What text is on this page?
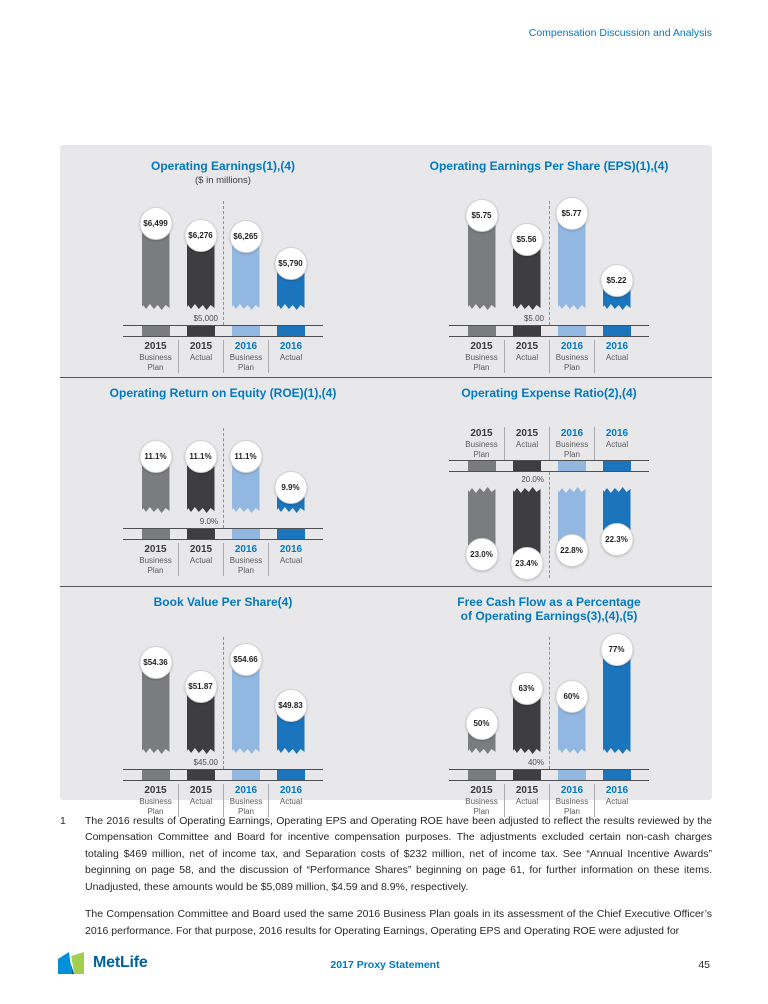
Compensation Discussion and Analysis
Operating Earnings(1),(4)
($ in millions)
$5,000
$6,499
$6,276	$6,265
$5,790
2015
Business Plan
2015
Actual
2016
Business Plan
2016
Actual
Operating Earnings Per Share (EPS)(1),(4)
$5.00
$5.75
$5.56
$5.77
$5.22
2015
Business Plan
2015
Actual
2016
Business Plan
2016
Actual
Operating Return on Equity (ROE)(1),(4)
9.0%
11.1%	11.1%	11.1%
9.9%
2015
Business Plan
2015
Actual
2016
Business Plan
2016
Actual
Operating Expense Ratio(2),(4)
2015
Business Plan
2015
Actual
2016
Business Plan
2016
Actual
20.0%
23.0%
23.4%
22.8%
22.3%
Book Value Per Share(4)
$45.00
$54.36
$51.87
$54.66
$49.83
2015
Business Plan
2015
Actual
2016
Business Plan
2016
Actual
Free Cash Flow as a Percentage
of Operating Earnings(3),(4),(5)
40%
50%
63%
60%
77%
2015
Business Plan
2015
Actual
2016
Business Plan
2016
Actual
1	The 2016 results of Operating Earnings, Operating EPS and Operating ROE have been adjusted to reflect the results reviewed by the Compensation Committee and Board for incentive compensation purposes. The adjustments excluded certain non-cash charges totaling $469 million, net of income tax, and Separation costs of $232 million, net of income tax. See “Annual Incentive Awards” beginning on page 58, and the discussion of “Performance Shares” beginning on page 61, for further information on these items. Unadjusted, these amounts would be $5,089 million, $4.59 and 8.9%, respectively.

The Compensation Committee and Board used the same 2016 Business Plan goals in its assessment of the Chief Executive Officer’s 2016 performance. For that purpose, 2016 results for Operating Earnings, Operating EPS and Operating ROE were adjusted for

MetLife	2017 Proxy Statement	45
